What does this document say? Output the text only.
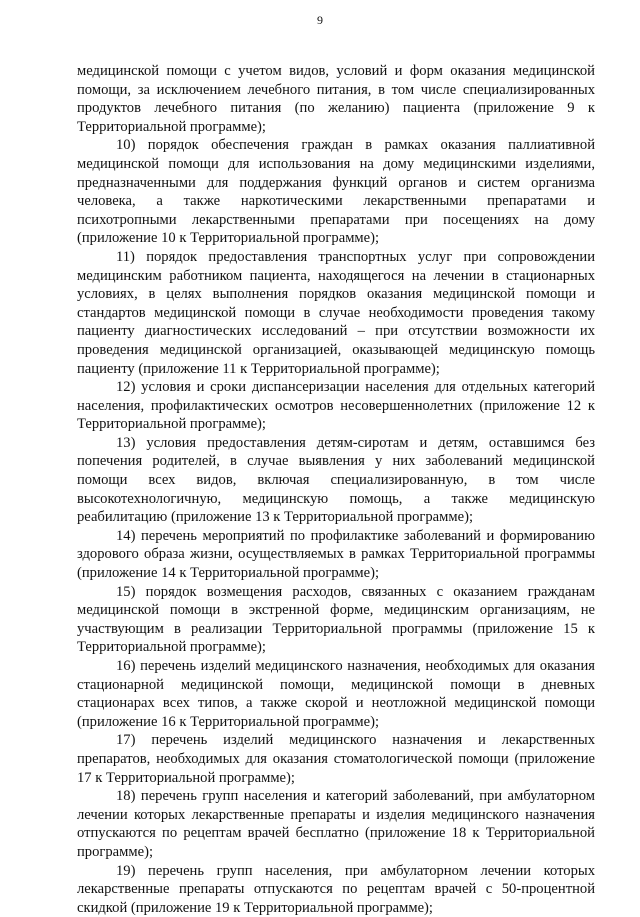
9

медицинской помощи с учетом видов, условий и форм оказания медицинской помощи, за исключением лечебного питания, в том числе специализированных продуктов лечебного питания (по желанию) пациента (приложение 9 к Территориальной программе);

10) порядок обеспечения граждан в рамках оказания паллиативной медицинской помощи для использования на дому медицинскими изделиями, предназначенными для поддержания функций органов и систем организма человека, а также наркотическими лекарственными препаратами и психотропными лекарственными препаратами при посещениях на дому (приложение 10 к Территориальной программе);

11) порядок предоставления транспортных услуг при сопровождении медицинским работником пациента, находящегося на лечении в стационарных условиях, в целях выполнения порядков оказания медицинской помощи и стандартов медицинской помощи в случае необходимости проведения такому пациенту диагностических исследований – при отсутствии возможности их проведения медицинской организацией, оказывающей медицинскую помощь пациенту (приложение 11 к Территориальной программе);

12) условия и сроки диспансеризации населения для отдельных категорий населения, профилактических осмотров несовершеннолетних (приложение 12 к Территориальной программе);

13) условия предоставления детям-сиротам и детям, оставшимся без попечения родителей, в случае выявления у них заболеваний медицинской помощи всех видов, включая специализированную, в том числе высокотехнологичную, медицинскую помощь, а также медицинскую реабилитацию (приложение 13 к Территориальной программе);

14) перечень мероприятий по профилактике заболеваний и формированию здорового образа жизни, осуществляемых в рамках Территориальной программы (приложение 14 к Территориальной программе);

15) порядок возмещения расходов, связанных с оказанием гражданам медицинской помощи в экстренной форме, медицинским организациям, не участвующим в реализации Территориальной программы (приложение 15 к Территориальной программе);

16) перечень изделий медицинского назначения, необходимых для оказания стационарной медицинской помощи, медицинской помощи в дневных стационарах всех типов, а также скорой и неотложной медицинской помощи (приложение 16 к Территориальной программе);

17) перечень изделий медицинского назначения и лекарственных препаратов, необходимых для оказания стоматологической помощи (приложение 17 к Территориальной программе);

18) перечень групп населения и категорий заболеваний, при амбулаторном лечении которых лекарственные препараты и изделия медицинского назначения отпускаются по рецептам врачей бесплатно (приложение 18 к Территориальной программе);

19) перечень групп населения, при амбулаторном лечении которых лекарственные препараты отпускаются по рецептам врачей с 50-процентной скидкой (приложение 19 к Территориальной программе);
